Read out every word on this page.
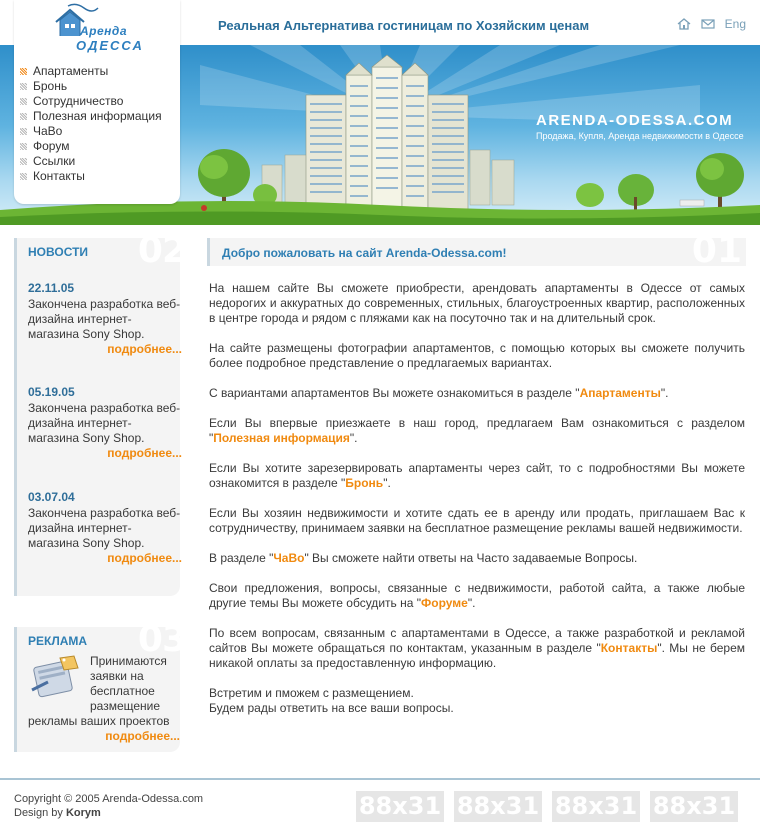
Реальная Альтернатива гостиницам по Хозяйским ценам	Eng
ARENDA-ODESSA.COM
Продажа, Купля, Аренда недвижимости в Одессе
Аренда
ОДЕССА
Апартаменты
Бронь
Сотрудничество
Полезная информация
ЧаВо
Форум
Ссылки
Контакты
02
НОВОСТИ
22.11.05
Закончена разработка веб-дизайна интернет-магазина Sony Shop.
подробнее...
05.19.05
Закончена разработка веб-дизайна интернет-магазина Sony Shop.
подробнее...
03.07.04
Закончена разработка веб-дизайна интернет-магазина Sony Shop.
подробнее...
03
РЕКЛАМА
Принимаются заявки на бесплатное размещение рекламы ваших проектов
подробнее...
01
Добро пожаловать на сайт Arenda-Odessa.com!

На нашем сайте Вы сможете приобрести, арендовать апартаменты в Одессе от самых недорогих и аккуратных до современных, стильных, благоустроенных квартир, расположенных в центре города и рядом с пляжами как на посуточно так и на длительный срок.

На сайте размещены фотографии апартаментов, с помощью которых вы сможете получить более подробное представление о предлагаемых вариантах.

С вариантами апартаментов Вы можете ознакомиться в разделе "Апартаменты".

Если Вы впервые приезжаете в наш город, предлагаем Вам ознакомиться с разделом "Полезная информация".

Если Вы хотите зарезервировать апартаменты через сайт, то с подробностями Вы можете ознакомится в разделе "Бронь".

Если Вы хозяин недвижимости и хотите сдать ее в аренду или продать, приглашаем Вас к сотрудничеству, принимаем заявки на бесплатное размещение рекламы вашей недвижимости.

В разделе "ЧаВо" Вы сможете найти ответы на Часто задаваемые Вопросы.

Свои предложения, вопросы, связанные с недвижимости, работой сайта, а также любые другие темы Вы можете обсудить на "Форуме".

По всем вопросам, связанным с апартаментами в Одессе, а также разработкой и рекламой сайтов Вы можете обращаться по контактам, указанным в разделе "Контакты". Мы не берем никакой оплаты за предоставленную информацию.

Встретим и пможем с размещением.
Будем рады ответить на все ваши вопросы.

Copyright © 2005 Arenda-Odessa.com
Design by Korym	88x31 88x31 88x31 88x31
